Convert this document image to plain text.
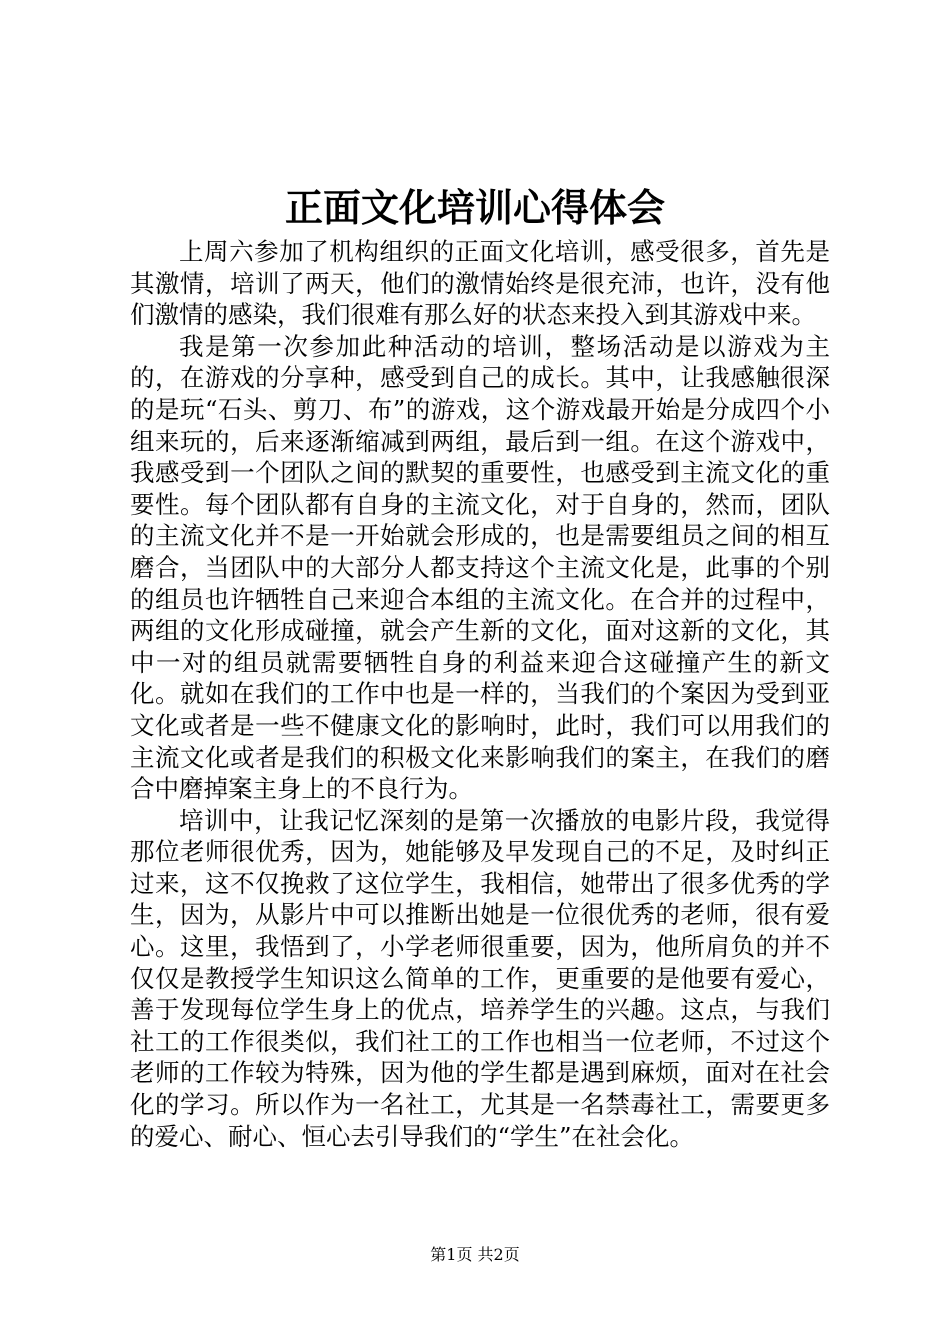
正面文化培训心得体会

上周六参加了机构组织的正面文化培训，感受很多，首先是其激情，培训了两天，他们的激情始终是很充沛，也许，没有他们激情的感染，我们很难有那么好的状态来投入到其游戏中来。

我是第一次参加此种活动的培训，整场活动是以游戏为主的，在游戏的分享种，感受到自己的成长。其中，让我感触很深的是玩“石头、剪刀、布”的游戏，这个游戏最开始是分成四个小组来玩的，后来逐渐缩减到两组，最后到一组。在这个游戏中，我感受到一个团队之间的默契的重要性，也感受到主流文化的重要性。每个团队都有自身的主流文化，对于自身的，然而，团队的主流文化并不是一开始就会形成的，也是需要组员之间的相互磨合，当团队中的大部分人都支持这个主流文化是，此事的个别的组员也许牺牲自己来迎合本组的主流文化。在合并的过程中，两组的文化形成碰撞，就会产生新的文化，面对这新的文化，其中一对的组员就需要牺牲自身的利益来迎合这碰撞产生的新文化。就如在我们的工作中也是一样的，当我们的个案因为受到亚文化或者是一些不健康文化的影响时，此时，我们可以用我们的主流文化或者是我们的积极文化来影响我们的案主，在我们的磨合中磨掉案主身上的不良行为。

培训中，让我记忆深刻的是第一次播放的电影片段，我觉得那位老师很优秀，因为，她能够及早发现自己的不足，及时纠正过来，这不仅挽救了这位学生，我相信，她带出了很多优秀的学生，因为，从影片中可以推断出她是一位很优秀的老师，很有爱心。这里，我悟到了，小学老师很重要，因为，他所肩负的并不仅仅是教授学生知识这么简单的工作，更重要的是他要有爱心，善于发现每位学生身上的优点，培养学生的兴趣。这点，与我们社工的工作很类似，我们社工的工作也相当一位老师，不过这个老师的工作较为特殊，因为他的学生都是遇到麻烦，面对在社会化的学习。所以作为一名社工，尤其是一名禁毒社工，需要更多的爱心、耐心、恒心去引导我们的“学生”在社会化。

第1页 共2页
